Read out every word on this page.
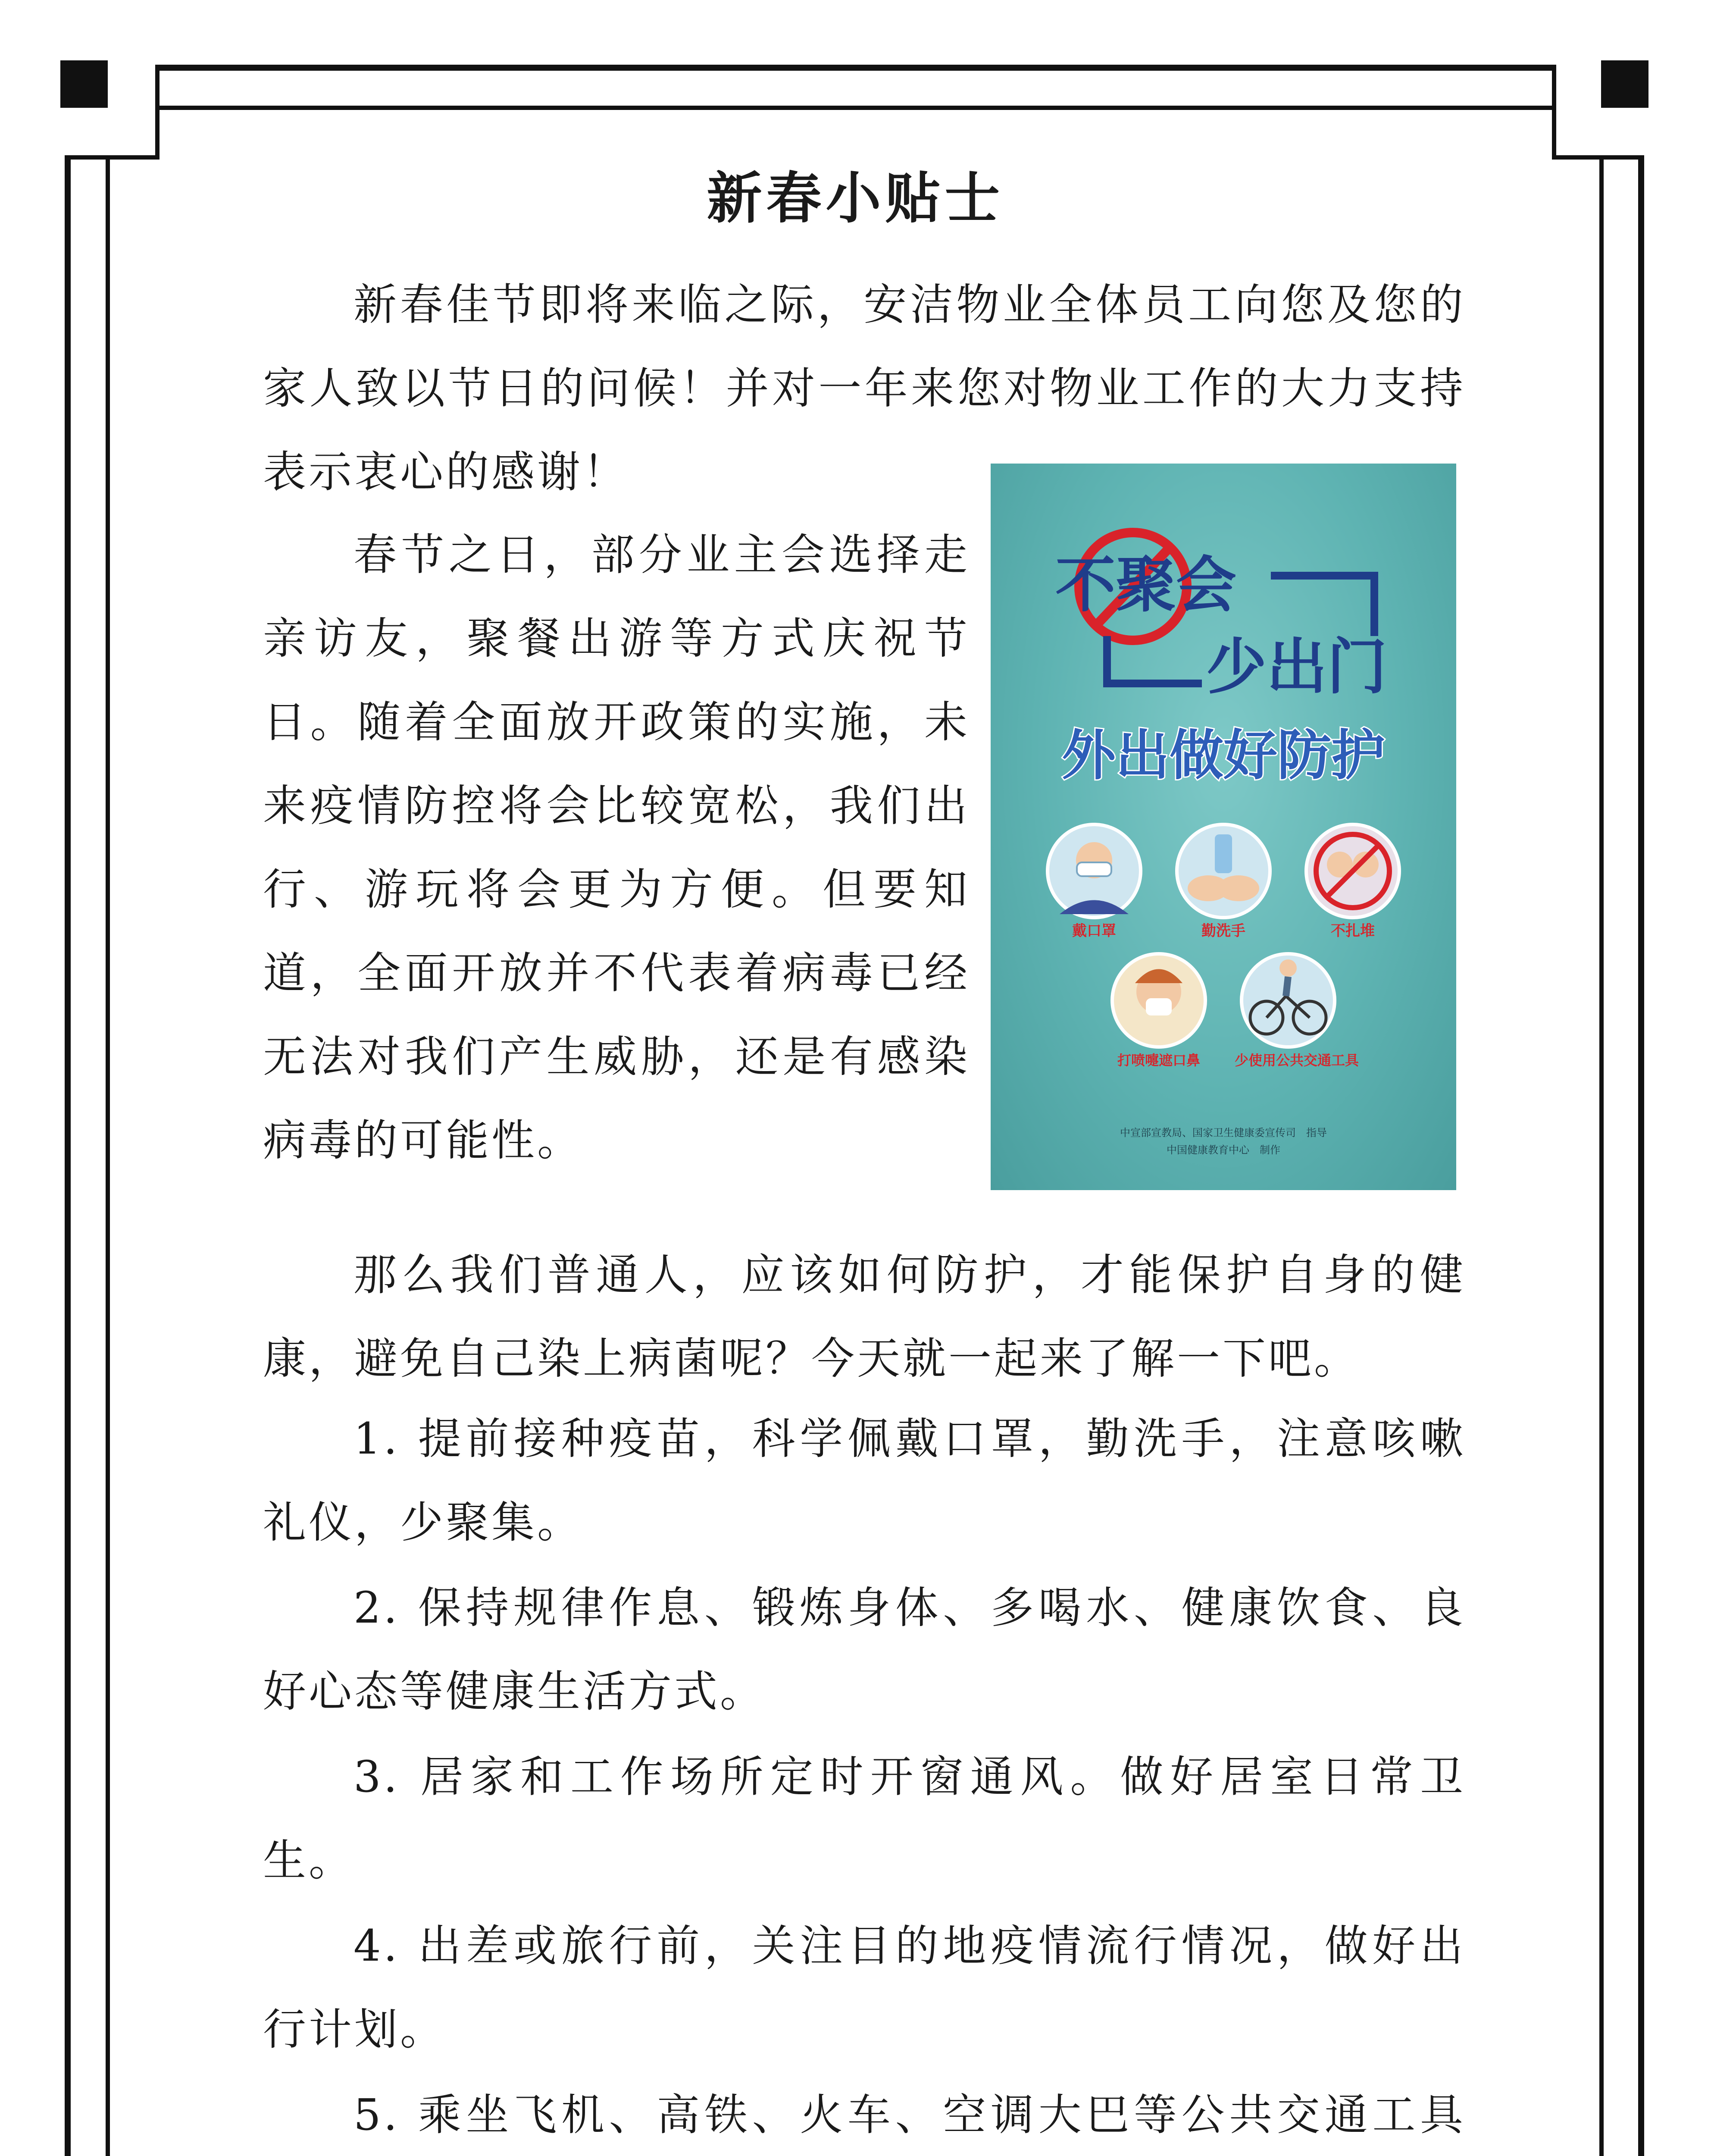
新春小贴士

新春佳节即将来临之际，安洁物业全体员工向您及您的家人致以节日的问候！并对一年来您对物业工作的大力支持表示衷心的感谢！

春节之日，部分业主会选择走亲访友，聚餐出游等方式庆祝节日。随着全面放开政策的实施，未来疫情防控将会比较宽松，我们出行、游玩将会更为方便。但要知道，全面开放并不代表着病毒已经无法对我们产生威胁，还是有感染病毒的可能性。

不聚会
少出门
外出做好防护
戴口罩	勤洗手	不扎堆
打喷嚏遮口鼻 少使用公共交通工具
中宣部宣教局、国家卫生健康委宣传司　指导
中国健康教育中心　制作

那么我们普通人，应该如何防护，才能保护自身的健康，避免自己染上病菌呢？今天就一起来了解一下吧。

1. 提前接种疫苗，科学佩戴口罩，勤洗手，注意咳嗽礼仪，少聚集。

2. 保持规律作息、锻炼身体、多喝水、健康饮食、良好心态等健康生活方式。

3. 居家和工作场所定时开窗通风。做好居室日常卫生。

4. 出差或旅行前，关注目的地疫情流行情况，做好出行计划。

5. 乘坐飞机、高铁、火车、空调大巴等公共交通工具
